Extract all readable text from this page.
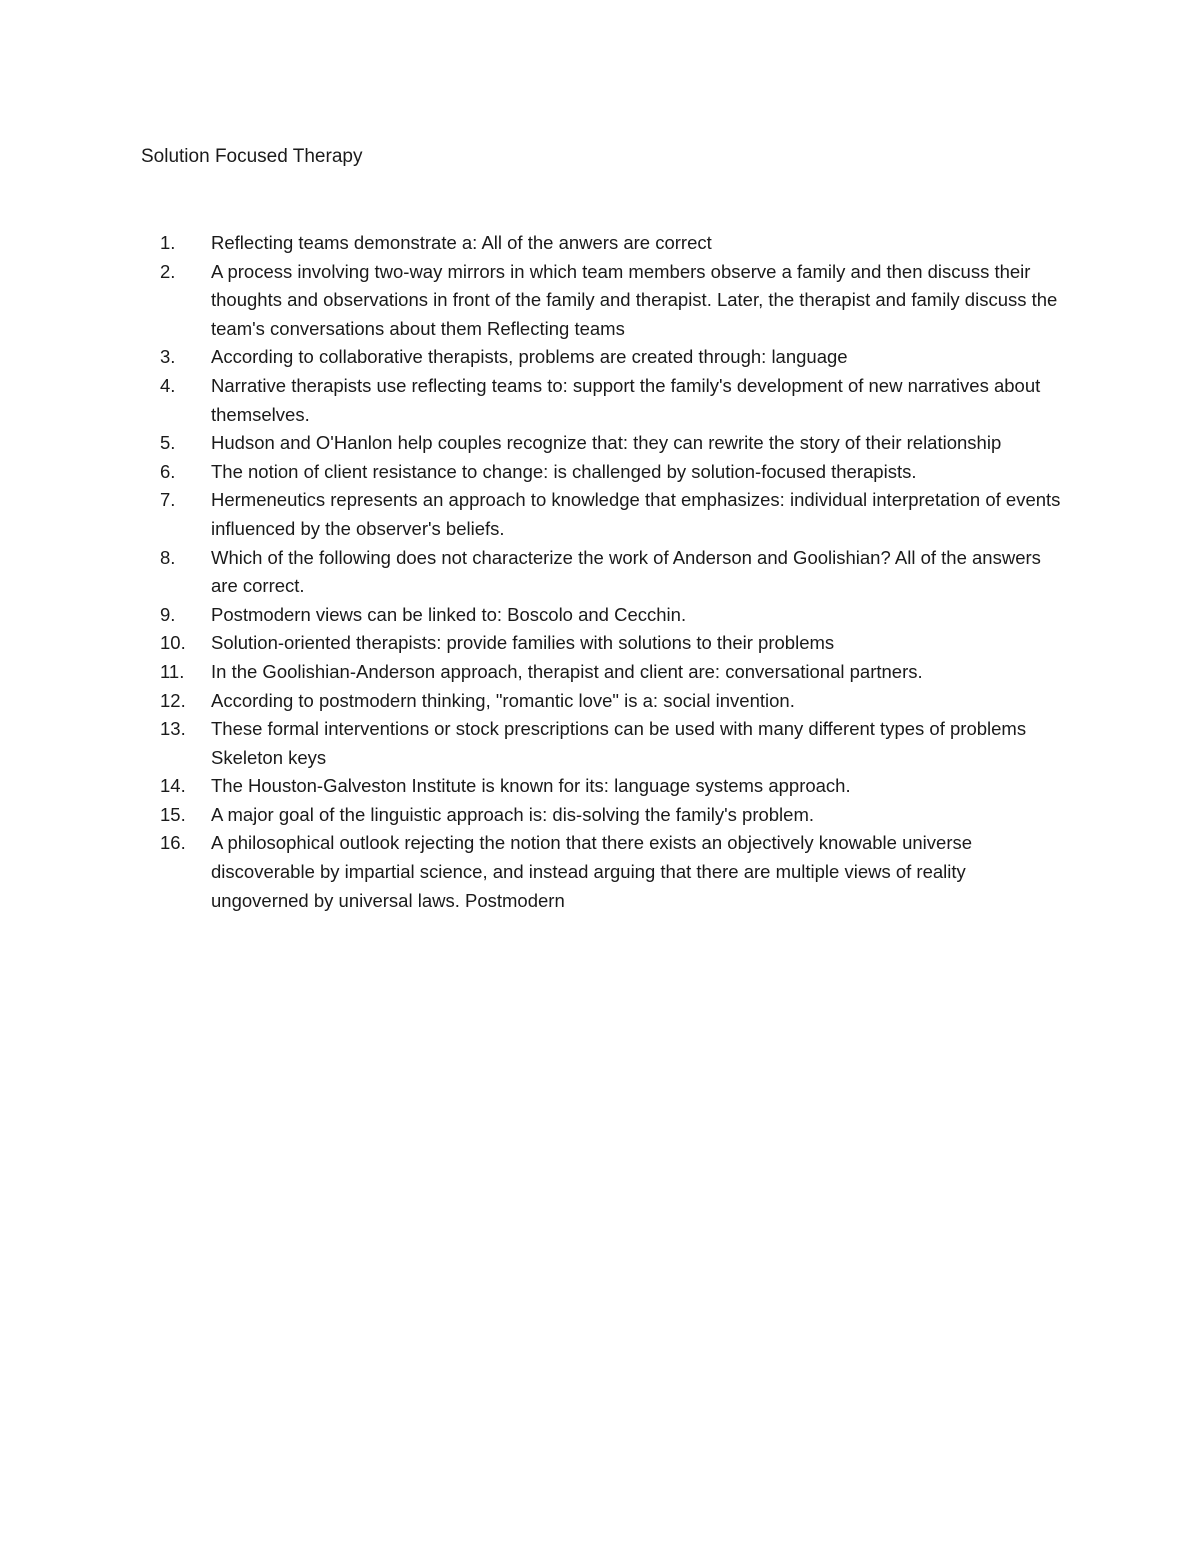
Solution Focused Therapy
1.	Reflecting teams demonstrate a: All of the anwers are correct
2.	A process involving two-way mirrors in which team members observe a family and then discuss their thoughts and observations in front of the family and therapist. Later, the therapist and family discuss the team's conversations about them Reflecting teams
3.	According to collaborative therapists, problems are created through: language
4.	Narrative therapists use reflecting teams to: support the family's development of new narratives about themselves.
5.	Hudson and O'Hanlon help couples recognize that: they can rewrite the story of their relationship
6.	The notion of client resistance to change: is challenged by solution-focused therapists.
7.	Hermeneutics represents an approach to knowledge that emphasizes: individual interpretation of events influenced by the observer's beliefs.
8.	Which of the following does not characterize the work of Anderson and Goolishian? All of the answers are correct.
9.	Postmodern views can be linked to: Boscolo and Cecchin.
10.	Solution-oriented therapists: provide families with solutions to their problems
11.	In the Goolishian-Anderson approach, therapist and client are: conversational partners.
12.	According to postmodern thinking, "romantic love" is a: social invention.
13.	These formal interventions or stock prescriptions can be used with many different types of problems Skeleton keys
14.	The Houston-Galveston Institute is known for its: language systems approach.
15.	A major goal of the linguistic approach is: dis-solving the family's problem.
16.	A philosophical outlook rejecting the notion that there exists an objectively knowable universe discoverable by impartial science, and instead arguing that there are multiple views of reality ungoverned by universal laws. Postmodern
